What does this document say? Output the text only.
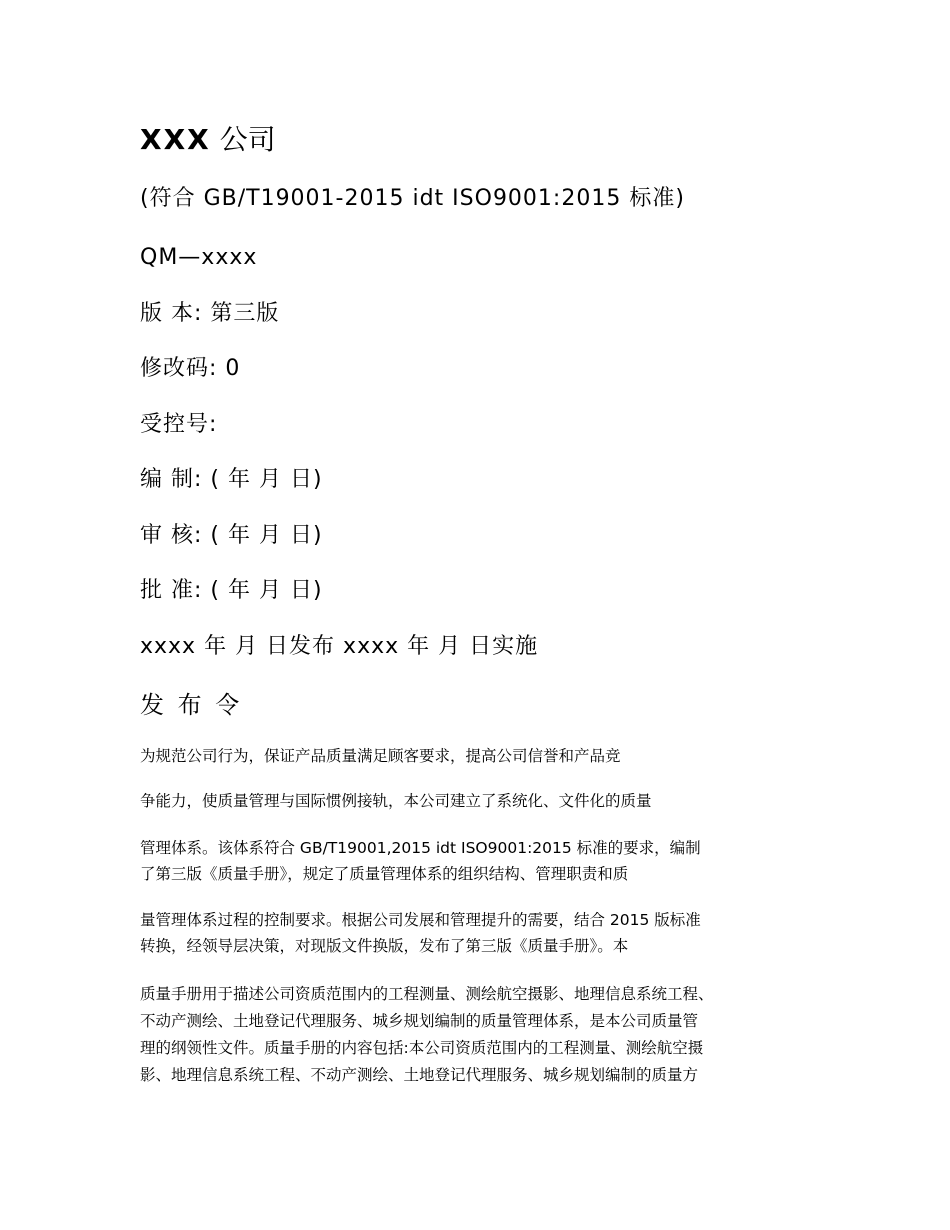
XXX 公司
(符合 GB/T19001-2015 idt ISO9001:2015 标准)
QM—xxxx
版 本: 第三版
修改码: 0
受控号:
编 制: ( 年 月 日)
审 核: ( 年 月 日)
批 准: ( 年 月 日)
xxxx 年 月 日发布 xxxx 年 月 日实施
发 布 令
为规范公司行为，保证产品质量满足顾客要求，提高公司信誉和产品竞
争能力，使质量管理与国际惯例接轨，本公司建立了系统化、文件化的质量
管理体系。该体系符合 GB/T19001,2015 idt ISO9001:2015 标准的要求，编制
了第三版《质量手册》，规定了质量管理体系的组织结构、管理职责和质
量管理体系过程的控制要求。根据公司发展和管理提升的需要，结合 2015 版标准
转换，经领导层决策，对现版文件换版，发布了第三版《质量手册》。本
质量手册用于描述公司资质范围内的工程测量、测绘航空摄影、地理信息系统工程、
不动产测绘、土地登记代理服务、城乡规划编制的质量管理体系，是本公司质量管
理的纲领性文件。质量手册的内容包括:本公司资质范围内的工程测量、测绘航空摄
影、地理信息系统工程、不动产测绘、土地登记代理服务、城乡规划编制的质量方
